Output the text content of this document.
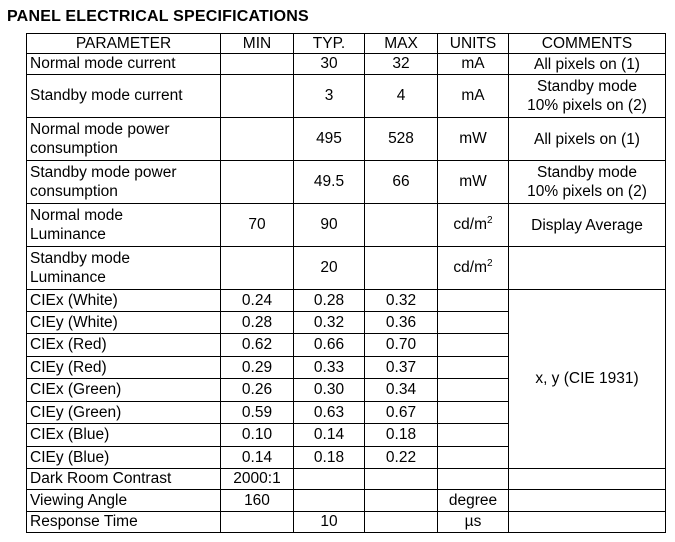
PANEL ELECTRICAL SPECIFICATIONS
PARAMETER	MIN	TYP.	MAX	UNITS	COMMENTS
Normal mode current		30	32	mA	All pixels on (1)

Standby mode current		3	4	mA	Standby mode
10% pixels on (2)

Normal mode power
consumption		495	528	mW	All pixels on (1)

Standby mode power
consumption		49.5	66	mW	Standby mode
10% pixels on (2)

Normal mode
Luminance	70	90		$cd/m^2$	Display Average

Standby mode
Luminance		20		$cd/m^2$	
CIEx (White)	0.24	0.28	0.32		x, y (CIE 1931)
CIEy (White)	0.28	0.32	0.36		
CIEx (Red)	0.62	0.66	0.70		
CIEy (Red)	0.29	0.33	0.37		
CIEx (Green)	0.26	0.30	0.34		
CIEy (Green)	0.59	0.63	0.67		
CIEx (Blue)	0.10	0.14	0.18		
CIEy (Blue)	0.14	0.18	0.22		
Dark Room Contrast	2000:1				
Viewing Angle	160			degree	
Response Time		10		µs	
